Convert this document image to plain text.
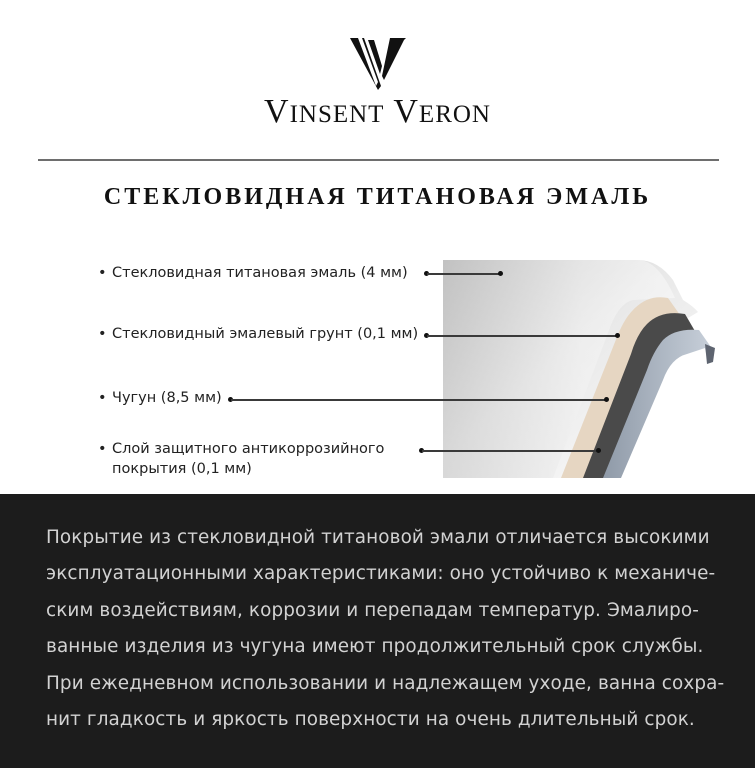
VINSENT VERON
СТЕКЛОВИДНАЯ ТИТАНОВАЯ ЭМАЛЬ
• Стекловидная титановая эмаль (4 мм)
• Стекловидный эмалевый грунт (0,1 мм)
• Чугун (8,5 мм)
• Слой защитного антикоррозийного
покрытия (0,1 мм)
Покрытие из стекловидной титановой эмали отличается высокими
эксплуатационными характеристиками: оно устойчиво к механиче-
ским воздействиям, коррозии и перепадам температур. Эмалиро-
ванные изделия из чугуна имеют продолжительный срок службы.
При ежедневном использовании и надлежащем уходе, ванна сохра-
нит гладкость и яркость поверхности на очень длительный срок.
